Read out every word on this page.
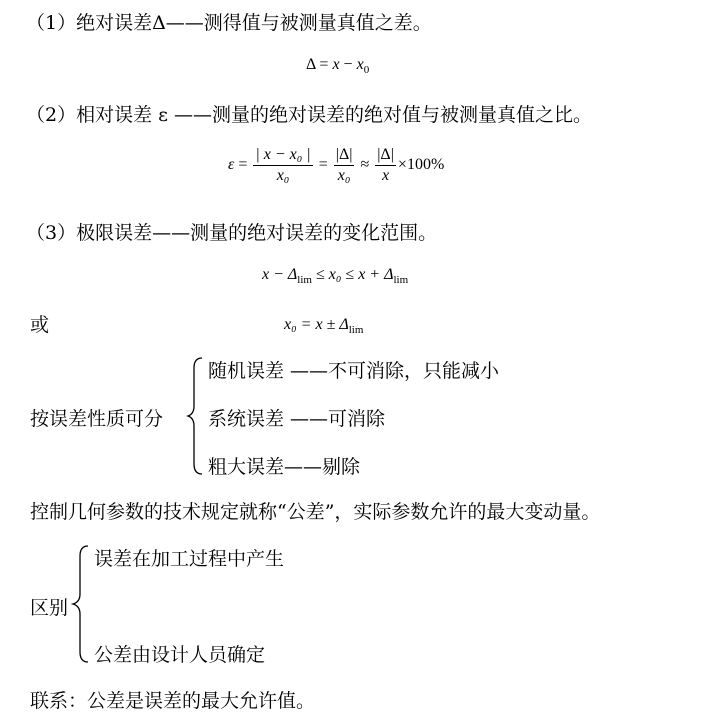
（1）绝对误差Δ——测得值与被测量真值之差。
$\Delta = x - x_0$
（2）相对误差 ε ——测量的绝对误差的绝对值与被测量真值之比。
$\varepsilon = \frac{\text{| x − x₀ |}}{\text{x₀}} = \frac{|\Delta|}{\text{x₀}} \approx \frac{|\Delta|}{x} \times 100\%$
（3）极限误差——测量的绝对误差的变化范围。
$x - \Delta_{lim} \le x_0 \le x + \Delta_{lim}$
或	$x_0 = x \pm \Delta_{lim}$
按误差性质可分
随机误差 ——不可消除，只能减小
系统误差 ——可消除
粗大误差——剔除
控制几何参数的技术规定就称“公差”，实际参数允许的最大变动量。
区别
误差在加工过程中产生
公差由设计人员确定
联系：公差是误差的最大允许值。
